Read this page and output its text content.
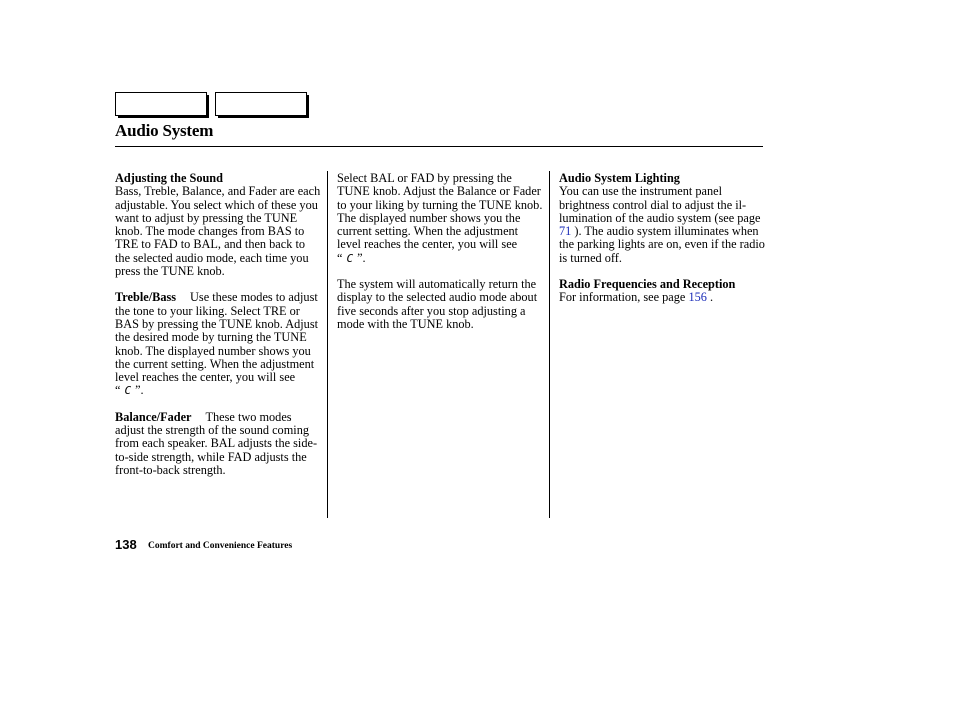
Audio System
Adjusting the Sound

Bass, Treble, Balance, and Fader are each adjustable. You select which of these you want to adjust by pressing the TUNE knob. The mode changes from BAS to TRE to FAD to BAL, and then back to the selected audio mode, each time you press the TUNE knob.

Treble/Bass Use these modes to adjust the tone to your liking. Select TRE or BAS by pressing the TUNE knob. Adjust the desired mode by turning the TUNE knob. The displayed number shows you the current setting. When the adjustment level reaches the center, you will see “ C ”.

Balance/Fader These two modes adjust the strength of the sound coming from each speaker. BAL adjusts the side-to-side strength, while FAD adjusts the front-to-back strength.

Select BAL or FAD by pressing the TUNE knob. Adjust the Balance or Fader to your liking by turning the TUNE knob. The displayed number shows you the current setting. When the adjustment level reaches the center, you will see “ C ”.

The system will automatically return the display to the selected audio mode about five seconds after you stop adjusting a mode with the TUNE knob.

Audio System Lighting

You can use the instrument panel brightness control dial to adjust the il-lumination of the audio system (see page 71 ). The audio system illuminates when the parking lights are on, even if the radio is turned off.

Radio Frequencies and Reception

For information, see page 156 .

138 Comfort and Convenience Features
